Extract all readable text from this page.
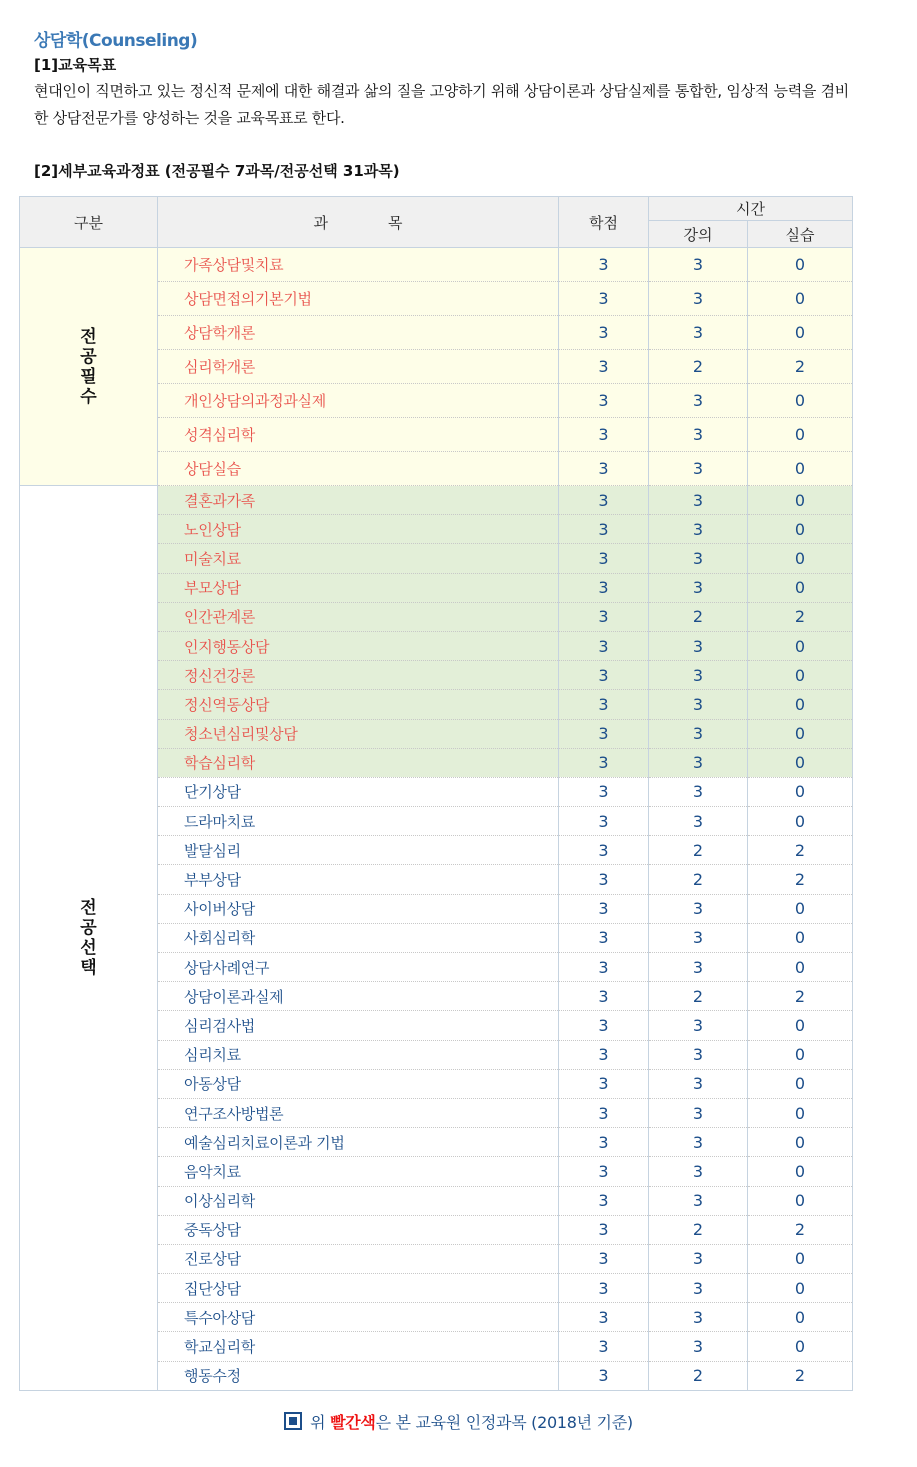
상담학(Counseling)
[1]교육목표
현대인이 직면하고 있는 정신적 문제에 대한 해결과 삶의 질을 고양하기 위해 상담이론과 상담실제를 통합한, 임상적 능력을 겸비한 상담전문가를 양성하는 것을 교육목표로 한다.
[2]세부교육과정표 (전공필수 7과목/전공선택 31과목)
구분	과　　　　목	학점	시간	
			강의	실습
전공필수	가족상담및치료	3	3	0
	상담면접의기본기법	3	3	0
	상담학개론	3	3	0
	심리학개론	3	2	2
	개인상담의과정과실제	3	3	0
	성격심리학	3	3	0
	상담실습	3	3	0
전공선택	결혼과가족	3	3	0
	노인상담	3	3	0
	미술치료	3	3	0
	부모상담	3	3	0
	인간관계론	3	2	2
	인지행동상담	3	3	0
	정신건강론	3	3	0
	정신역동상담	3	3	0
	청소년심리및상담	3	3	0
	학습심리학	3	3	0
	단기상담	3	3	0
	드라마치료	3	3	0
	발달심리	3	2	2
	부부상담	3	2	2
	사이버상담	3	3	0
	사회심리학	3	3	0
	상담사례연구	3	3	0
	상담이론과실제	3	2	2
	심리검사법	3	3	0
	심리치료	3	3	0
	아동상담	3	3	0
	연구조사방법론	3	3	0
	예술심리치료이론과 기법	3	3	0
	음악치료	3	3	0
	이상심리학	3	3	0
	중독상담	3	2	2
	진로상담	3	3	0
	집단상담	3	3	0
	특수아상담	3	3	0
	학교심리학	3	3	0
	행동수정	3	2	2
위 빨간색은 본 교육원 인정과목 (2018년 기준)
